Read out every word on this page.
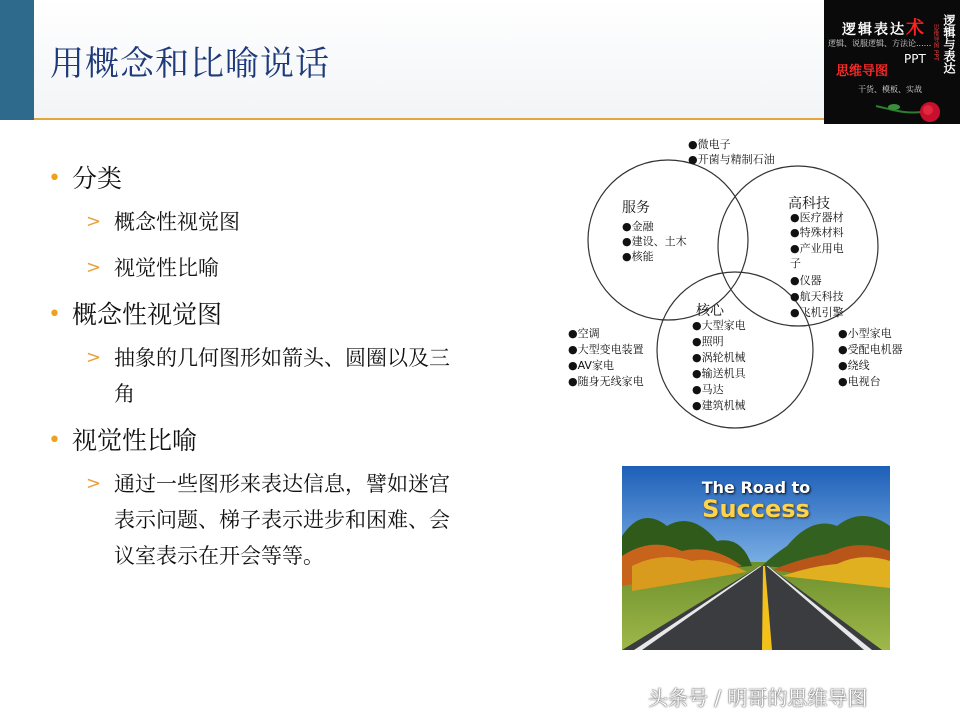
用概念和比喻说话
逻辑表达术
逻辑、说服逻辑、方法论......
思维导图
PPT
干货、模板、实战
思维导图 PPT 逻辑与表达
• 分类
> 概念性视觉图
> 视觉性比喻
• 概念性视觉图
> 抽象的几何图形如箭头、圆圈以及三角
• 视觉性比喻
> 通过一些图形来表达信息，譬如迷宫表示问题、梯子表示进步和困难、会议室表示在开会等等。
●微电子
●开菌与精制石油
服务
●金融
●建设、土木
●核能
高科技
●医疗器材
●特殊材料
●产业用电
子
●仪器
●航天科技
●飞机引擎
核心
●大型家电
●照明
●涡轮机械
●输送机具
●马达
●建筑机械
●空调
●大型变电装置
●AV家电
●随身无线家电
●小型家电
●受配电机器
●绕线
●电视台
The Road to
Success
头条号 / 明哥的思维导图
